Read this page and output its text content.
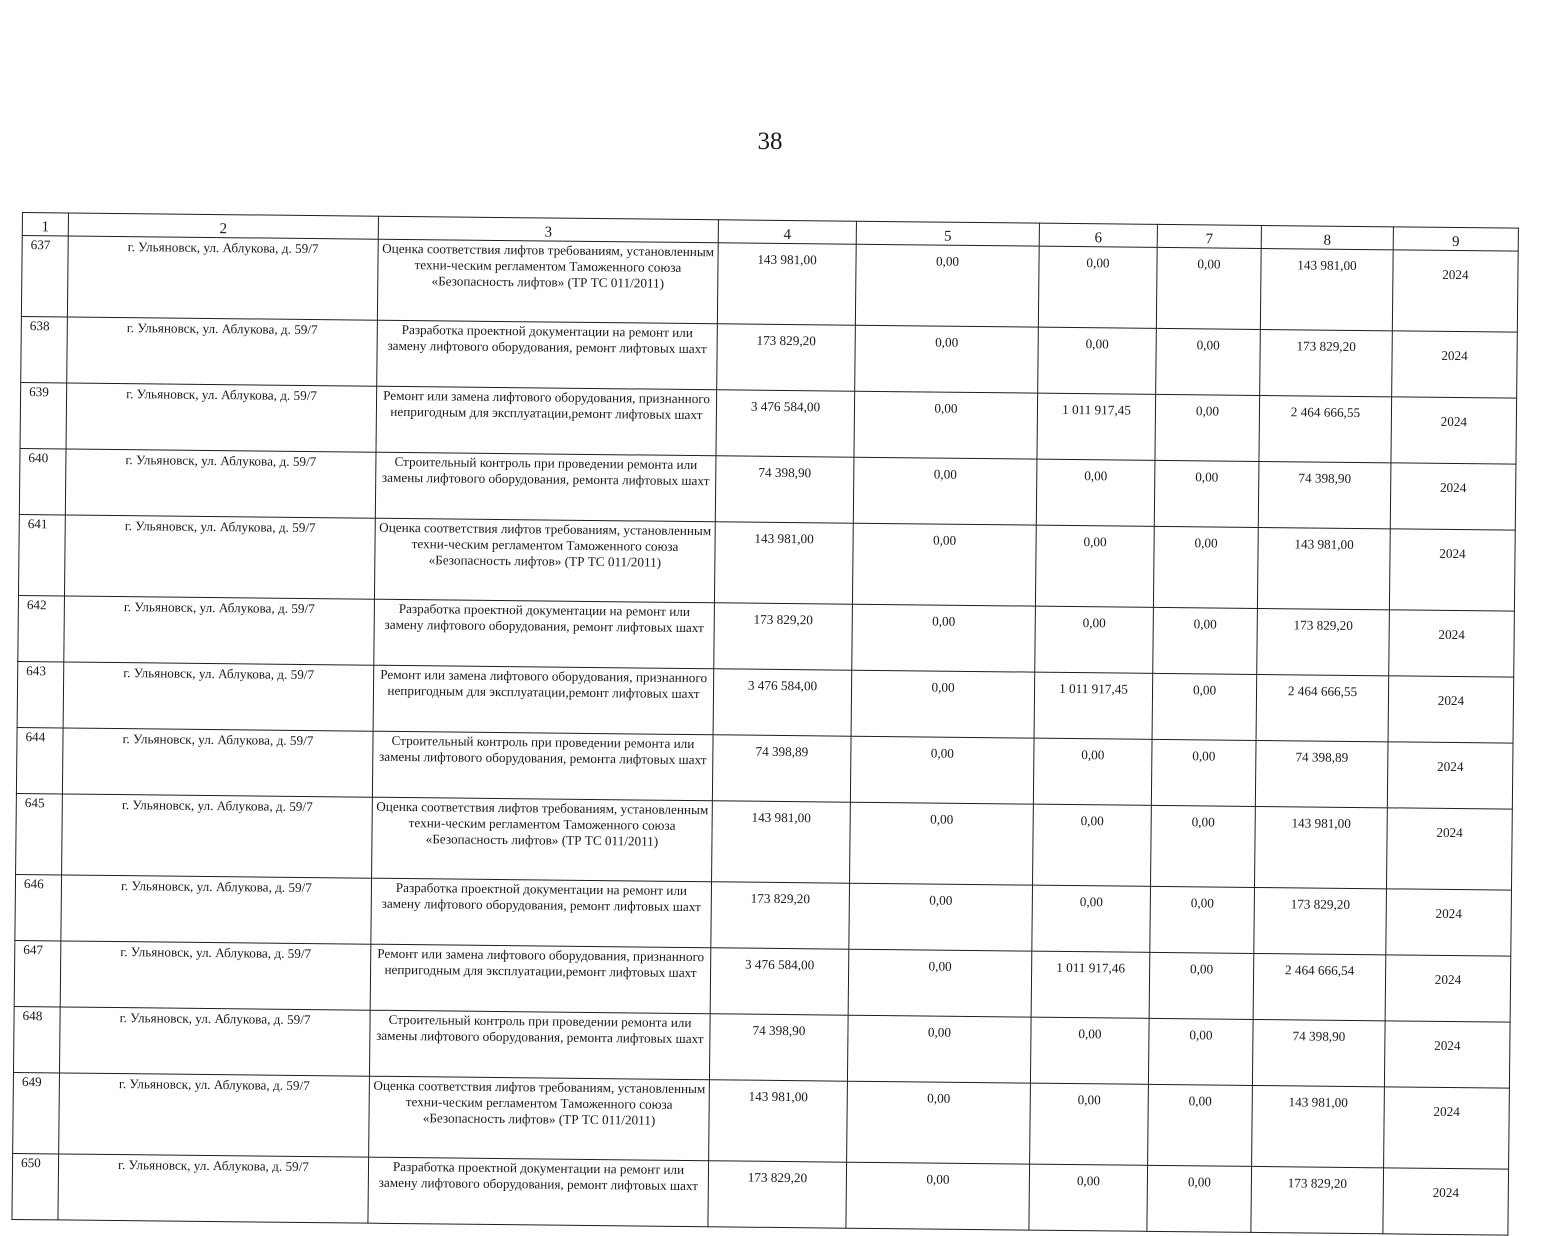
38
1	2	3	4	5	6	7	8	9
637	г. Ульяновск, ул. Аблукова, д. 59/7	Оценка соответствия лифтов требованиям, установленным техни-ческим регламентом Таможенного союза «Безопасность лифтов» (ТР ТС 011/2011)	143 981,00	0,00	0,00	0,00	143 981,00	2024
638	г. Ульяновск, ул. Аблукова, д. 59/7	Разработка проектной документации на ремонт или замену лифтового оборудования, ремонт лифтовых шахт	173 829,20	0,00	0,00	0,00	173 829,20	2024
639	г. Ульяновск, ул. Аблукова, д. 59/7	Ремонт или замена лифтового оборудования, признанного непригодным для эксплуатации,ремонт лифтовых шахт	3 476 584,00	0,00	1 011 917,45	0,00	2 464 666,55	2024
640	г. Ульяновск, ул. Аблукова, д. 59/7	Строительный контроль при проведении ремонта или замены лифтового оборудования, ремонта лифтовых шахт	74 398,90	0,00	0,00	0,00	74 398,90	2024
641	г. Ульяновск, ул. Аблукова, д. 59/7	Оценка соответствия лифтов требованиям, установленным техни-ческим регламентом Таможенного союза «Безопасность лифтов» (ТР ТС 011/2011)	143 981,00	0,00	0,00	0,00	143 981,00	2024
642	г. Ульяновск, ул. Аблукова, д. 59/7	Разработка проектной документации на ремонт или замену лифтового оборудования, ремонт лифтовых шахт	173 829,20	0,00	0,00	0,00	173 829,20	2024
643	г. Ульяновск, ул. Аблукова, д. 59/7	Ремонт или замена лифтового оборудования, признанного непригодным для эксплуатации,ремонт лифтовых шахт	3 476 584,00	0,00	1 011 917,45	0,00	2 464 666,55	2024
644	г. Ульяновск, ул. Аблукова, д. 59/7	Строительный контроль при проведении ремонта или замены лифтового оборудования, ремонта лифтовых шахт	74 398,89	0,00	0,00	0,00	74 398,89	2024
645	г. Ульяновск, ул. Аблукова, д. 59/7	Оценка соответствия лифтов требованиям, установленным техни-ческим регламентом Таможенного союза «Безопасность лифтов» (ТР ТС 011/2011)	143 981,00	0,00	0,00	0,00	143 981,00	2024
646	г. Ульяновск, ул. Аблукова, д. 59/7	Разработка проектной документации на ремонт или замену лифтового оборудования, ремонт лифтовых шахт	173 829,20	0,00	0,00	0,00	173 829,20	2024
647	г. Ульяновск, ул. Аблукова, д. 59/7	Ремонт или замена лифтового оборудования, признанного непригодным для эксплуатации,ремонт лифтовых шахт	3 476 584,00	0,00	1 011 917,46	0,00	2 464 666,54	2024
648	г. Ульяновск, ул. Аблукова, д. 59/7	Строительный контроль при проведении ремонта или замены лифтового оборудования, ремонта лифтовых шахт	74 398,90	0,00	0,00	0,00	74 398,90	2024
649	г. Ульяновск, ул. Аблукова, д. 59/7	Оценка соответствия лифтов требованиям, установленным техни-ческим регламентом Таможенного союза «Безопасность лифтов» (ТР ТС 011/2011)	143 981,00	0,00	0,00	0,00	143 981,00	2024
650	г. Ульяновск, ул. Аблукова, д. 59/7	Разработка проектной документации на ремонт или замену лифтового оборудования, ремонт лифтовых шахт	173 829,20	0,00	0,00	0,00	173 829,20	2024
